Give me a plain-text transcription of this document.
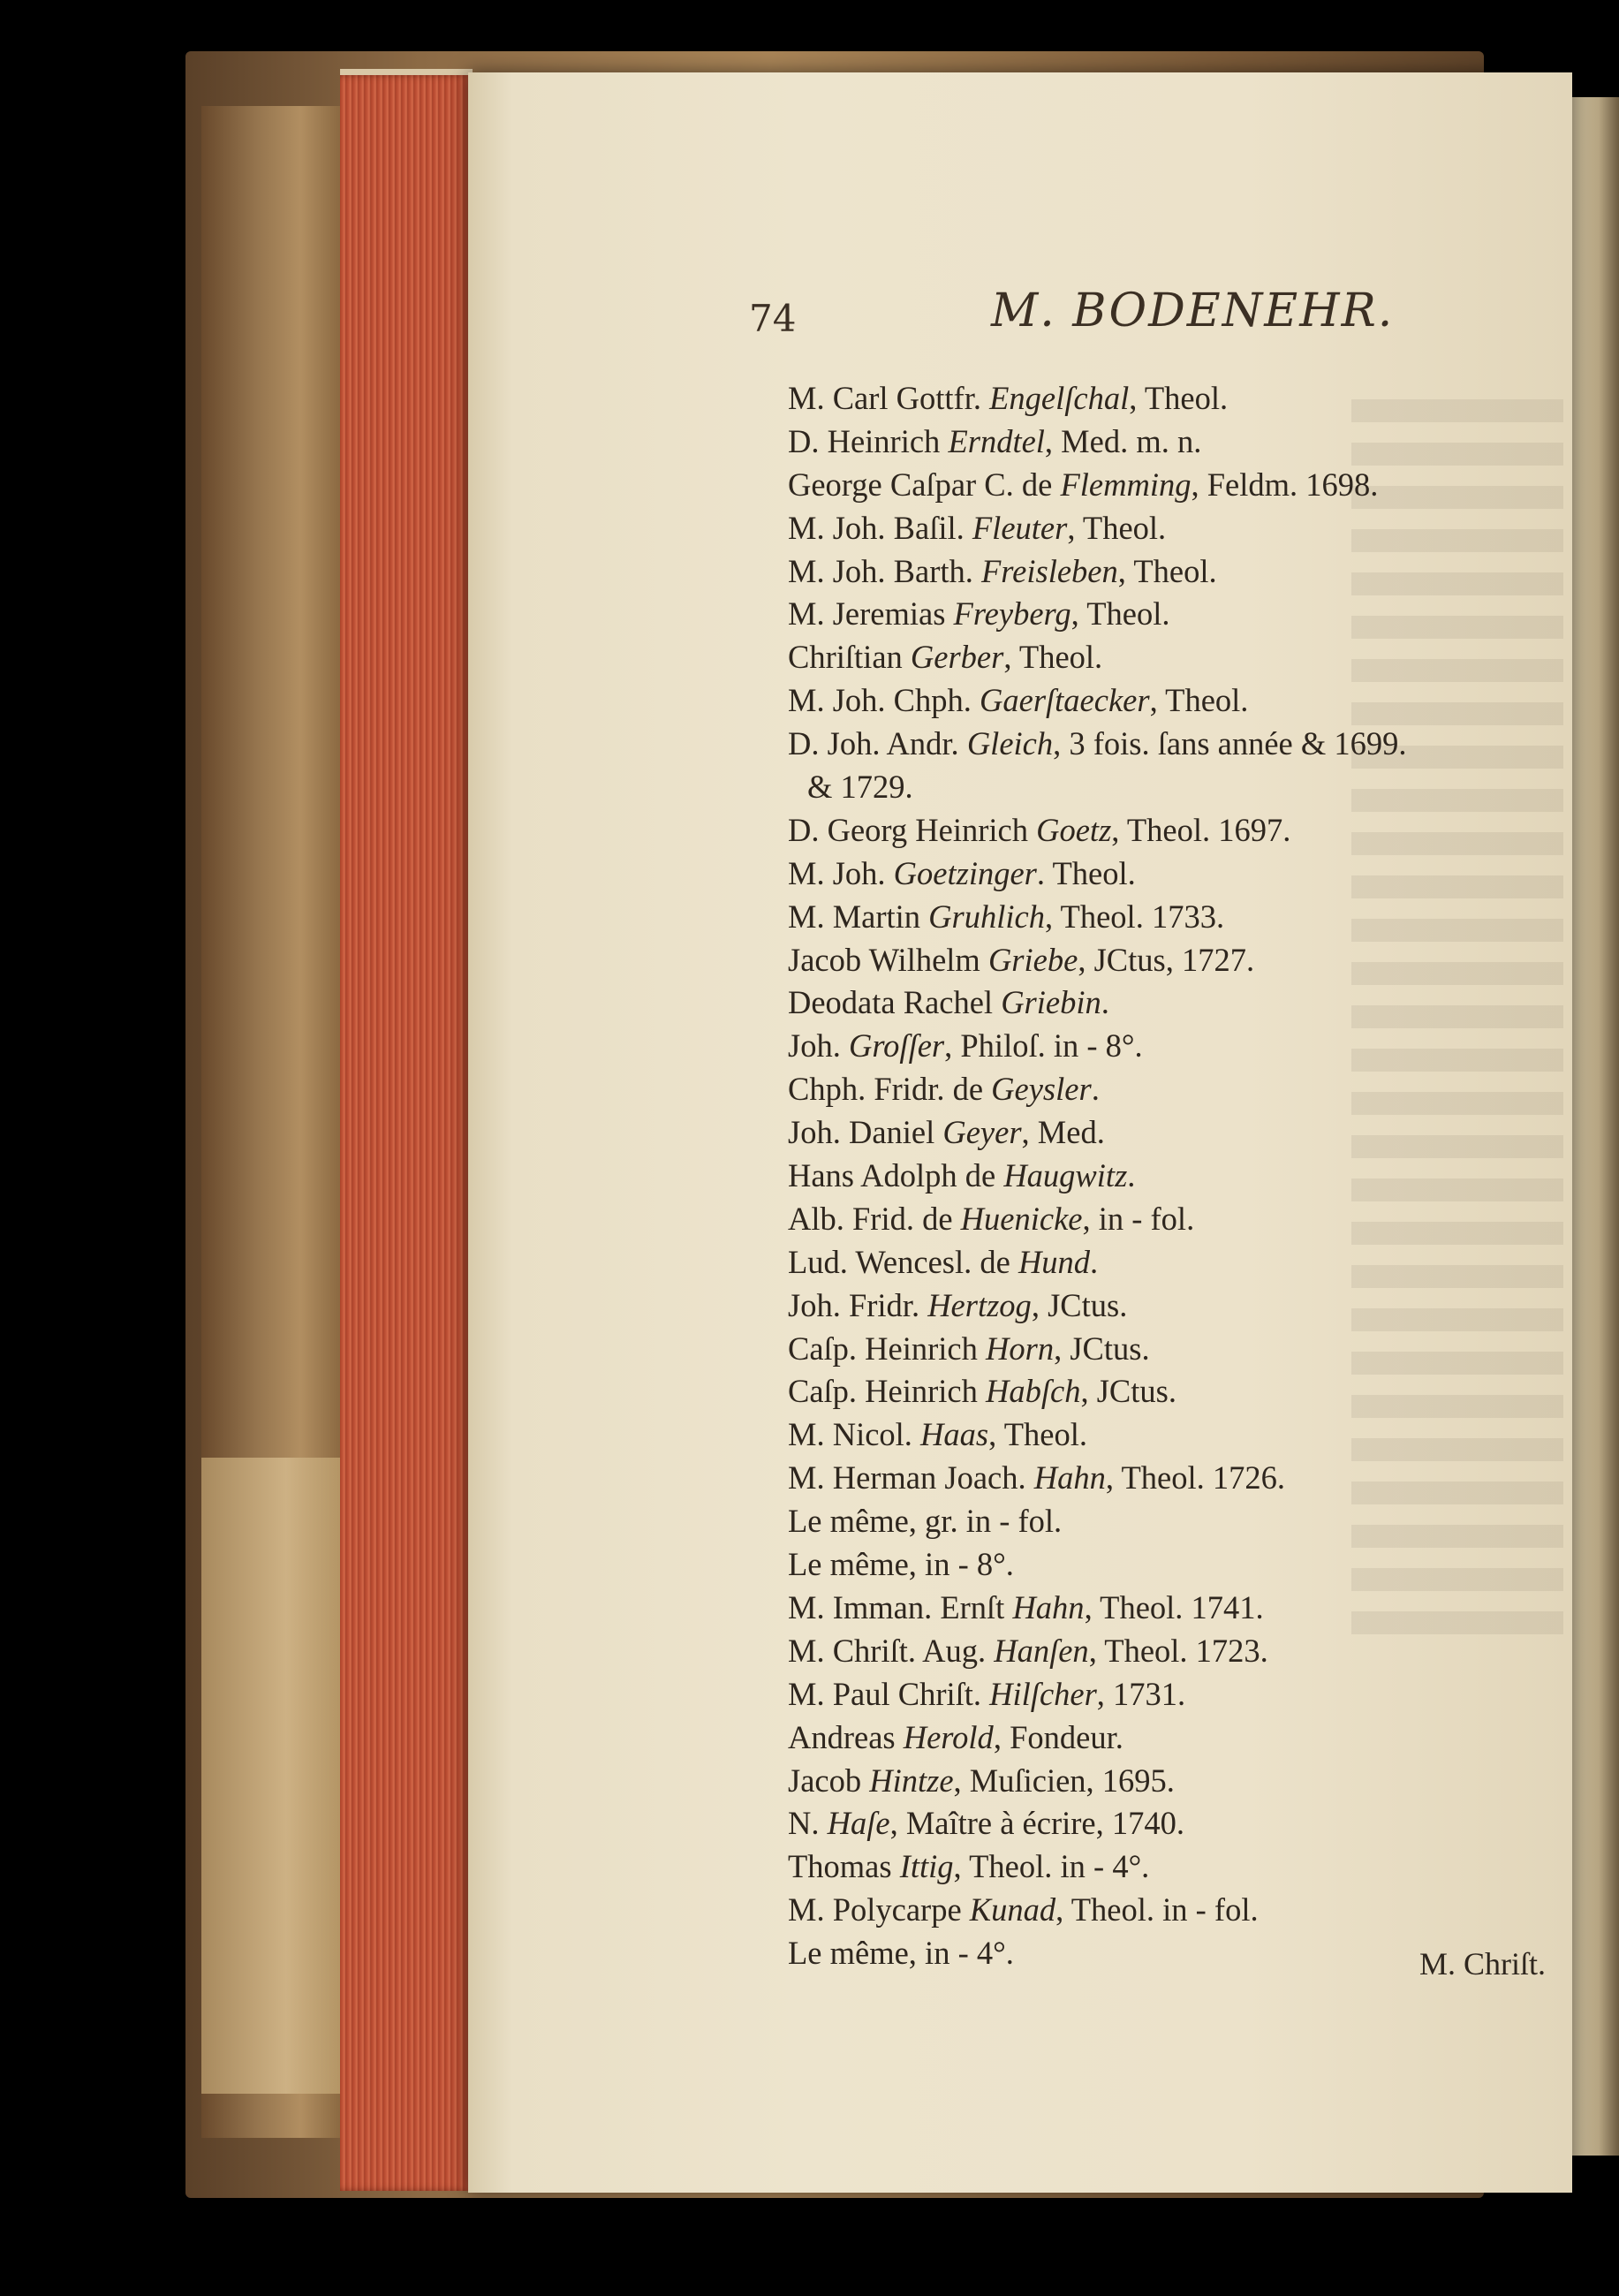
74	M. BODENEHR.
M. Carl Gottfr. Engelſchal, Theol.
D. Heinrich Erndtel, Med. m. n.
George Caſpar C. de Flemming, Feldm. 1698.
M. Joh. Baſil. Fleuter, Theol.
M. Joh. Barth. Freisleben, Theol.
M. Jeremias Freyberg, Theol.
Chriſtian Gerber, Theol.
M. Joh. Chph. Gaerſtaecker, Theol.
D. Joh. Andr. Gleich, 3 fois. ſans année & 1699.
& 1729.
D. Georg Heinrich Goetz, Theol. 1697.
M. Joh. Goetzinger. Theol.
M. Martin Gruhlich, Theol. 1733.
Jacob Wilhelm Griebe, JCtus, 1727.
Deodata Rachel Griebin.
Joh. Groſſer, Philoſ. in - 8°.
Chph. Fridr. de Geysler.
Joh. Daniel Geyer, Med.
Hans Adolph de Haugwitz.
Alb. Frid. de Huenicke, in - fol.
Lud. Wencesl. de Hund.
Joh. Fridr. Hertzog, JCtus.
Caſp. Heinrich Horn, JCtus.
Caſp. Heinrich Habſch, JCtus.
M. Nicol. Haas, Theol.
M. Herman Joach. Hahn, Theol. 1726.
Le même, gr. in - fol.
Le même, in - 8°.
M. Imman. Ernſt Hahn, Theol. 1741.
M. Chriſt. Aug. Hanſen, Theol. 1723.
M. Paul Chriſt. Hilſcher, 1731.
Andreas Herold, Fondeur.
Jacob Hintze, Muſicien, 1695.
N. Haſe, Maître à écrire, 1740.
Thomas Ittig, Theol. in - 4°.
M. Polycarpe Kunad, Theol. in - fol.
Le même, in - 4°.	M. Chriſt.
